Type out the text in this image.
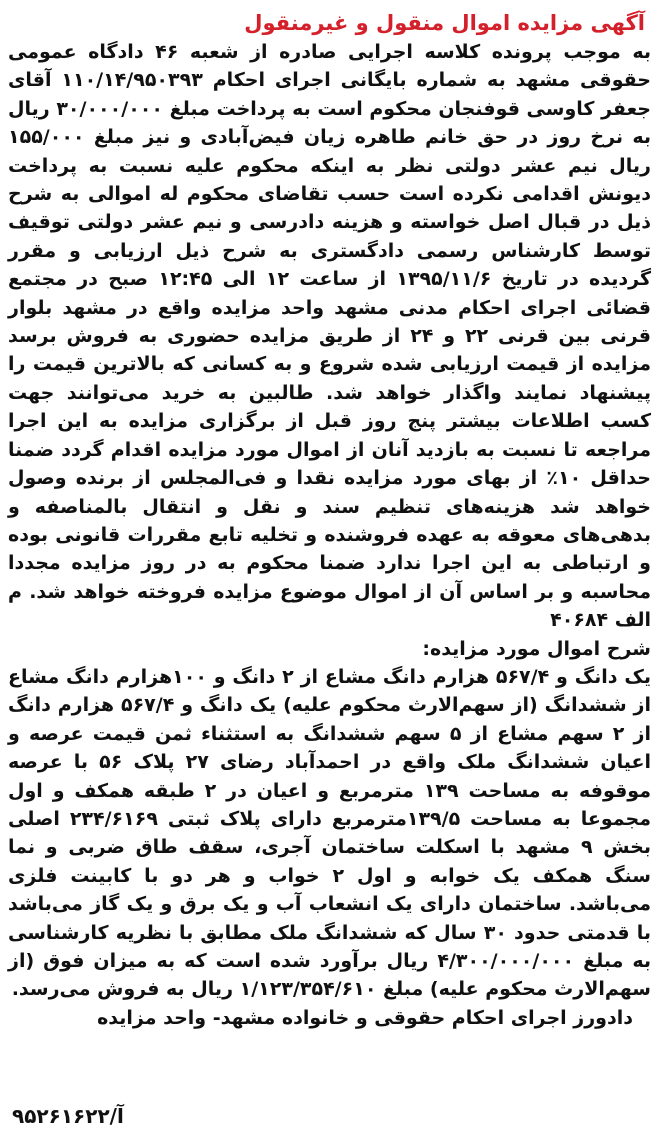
آگهی مزایده اموال منقول و غیرمنقول

به موجب پرونده کلاسه اجرایی صادره از شعبه ۴۶ دادگاه عمومی حقوقی مشهد به شماره بایگانی اجرای احکام ۱۱۰/۱۴/۹۵۰۳۹۳ آقای جعفر کاوسی قوفنجان محکوم است به پرداخت مبلغ ۳۰/۰۰۰/۰۰۰ ریال به نرخ روز در حق خانم طاهره زیان فیض‌آبادی و نیز مبلغ ۱۵۵/۰۰۰ ریال نیم عشر دولتی نظر به اینکه محکوم علیه نسبت به پرداخت دیونش اقدامی نکرده است حسب تقاضای محکوم له اموالی به شرح ذیل در قبال اصل خواسته و هزینه دادرسی و نیم عشر دولتی توقیف توسط کارشناس رسمی دادگستری به شرح ذیل ارزیابی و مقرر گردیده در تاریخ ۱۳۹۵/۱۱/۶ از ساعت ۱۲ الی ۱۲:۴۵ صبح در مجتمع قضائی اجرای احکام مدنی مشهد واحد مزایده واقع در مشهد بلوار قرنی بین قرنی ۲۲ و ۲۴ از طریق مزایده حضوری به فروش برسد مزایده از قیمت ارزیابی شده شروع و به کسانی که بالاترین قیمت را پیشنهاد نمایند واگذار خواهد شد. طالبین به خرید می‌توانند جهت کسب اطلاعات بیشتر پنج روز قبل از برگزاری مزایده به این اجرا مراجعه تا نسبت به بازدید آنان از اموال مورد مزایده اقدام گردد ضمنا حداقل ۱۰٪ از بهای مورد مزایده نقدا و فی‌المجلس از برنده وصول خواهد شد هزینه‌های تنظیم سند و نقل و انتقال بالمناصفه و بدهی‌های معوقه به عهده فروشنده و تخلیه تابع مقررات قانونی بوده و ارتباطی به این اجرا ندارد ضمنا محکوم به در روز مزایده مجددا محاسبه و بر اساس آن از اموال موضوع مزایده فروخته خواهد شد. م الف ۴۰۶۸۴

شرح اموال مورد مزایده:

یک دانگ و ۵۶۷/۴ هزارم دانگ مشاع از ۲ دانگ و ۱۰۰هزارم دانگ مشاع از ششدانگ (از سهم‌الارث محکوم علیه) یک دانگ و ۵۶۷/۴ هزارم دانگ از ۲ سهم مشاع از ۵ سهم ششدانگ به استثناء ثمن قیمت عرصه و اعیان ششدانگ ملک واقع در احمدآباد رضای ۲۷ پلاک ۵۶ با عرصه موقوفه به مساحت ۱۳۹ مترمربع و اعیان در ۲ طبقه همکف و اول مجموعا به مساحت ۱۳۹/۵مترمربع دارای پلاک ثبتی ۲۳۴/۶۱۶۹ اصلی بخش ۹ مشهد با اسکلت ساختمان آجری، سقف طاق ضربی و نما سنگ همکف یک خوابه و اول ۲ خواب و هر دو با کابینت فلزی می‌باشد. ساختمان دارای یک انشعاب آب و یک برق و یک گاز می‌باشد با قدمتی حدود ۳۰ سال که ششدانگ ملک مطابق با نظریه کارشناسی به مبلغ ۴/۳۰۰/۰۰۰/۰۰۰ ریال برآورد شده است که به میزان فوق (از سهم‌الارث محکوم علیه) مبلغ ۱/۱۲۳/۳۵۴/۶۱۰ ریال به فروش می‌رسد.

دادورز اجرای احکام حقوقی و خانواده مشهد- واحد مزایده

آ/۹۵۲۶۱۶۲۲
